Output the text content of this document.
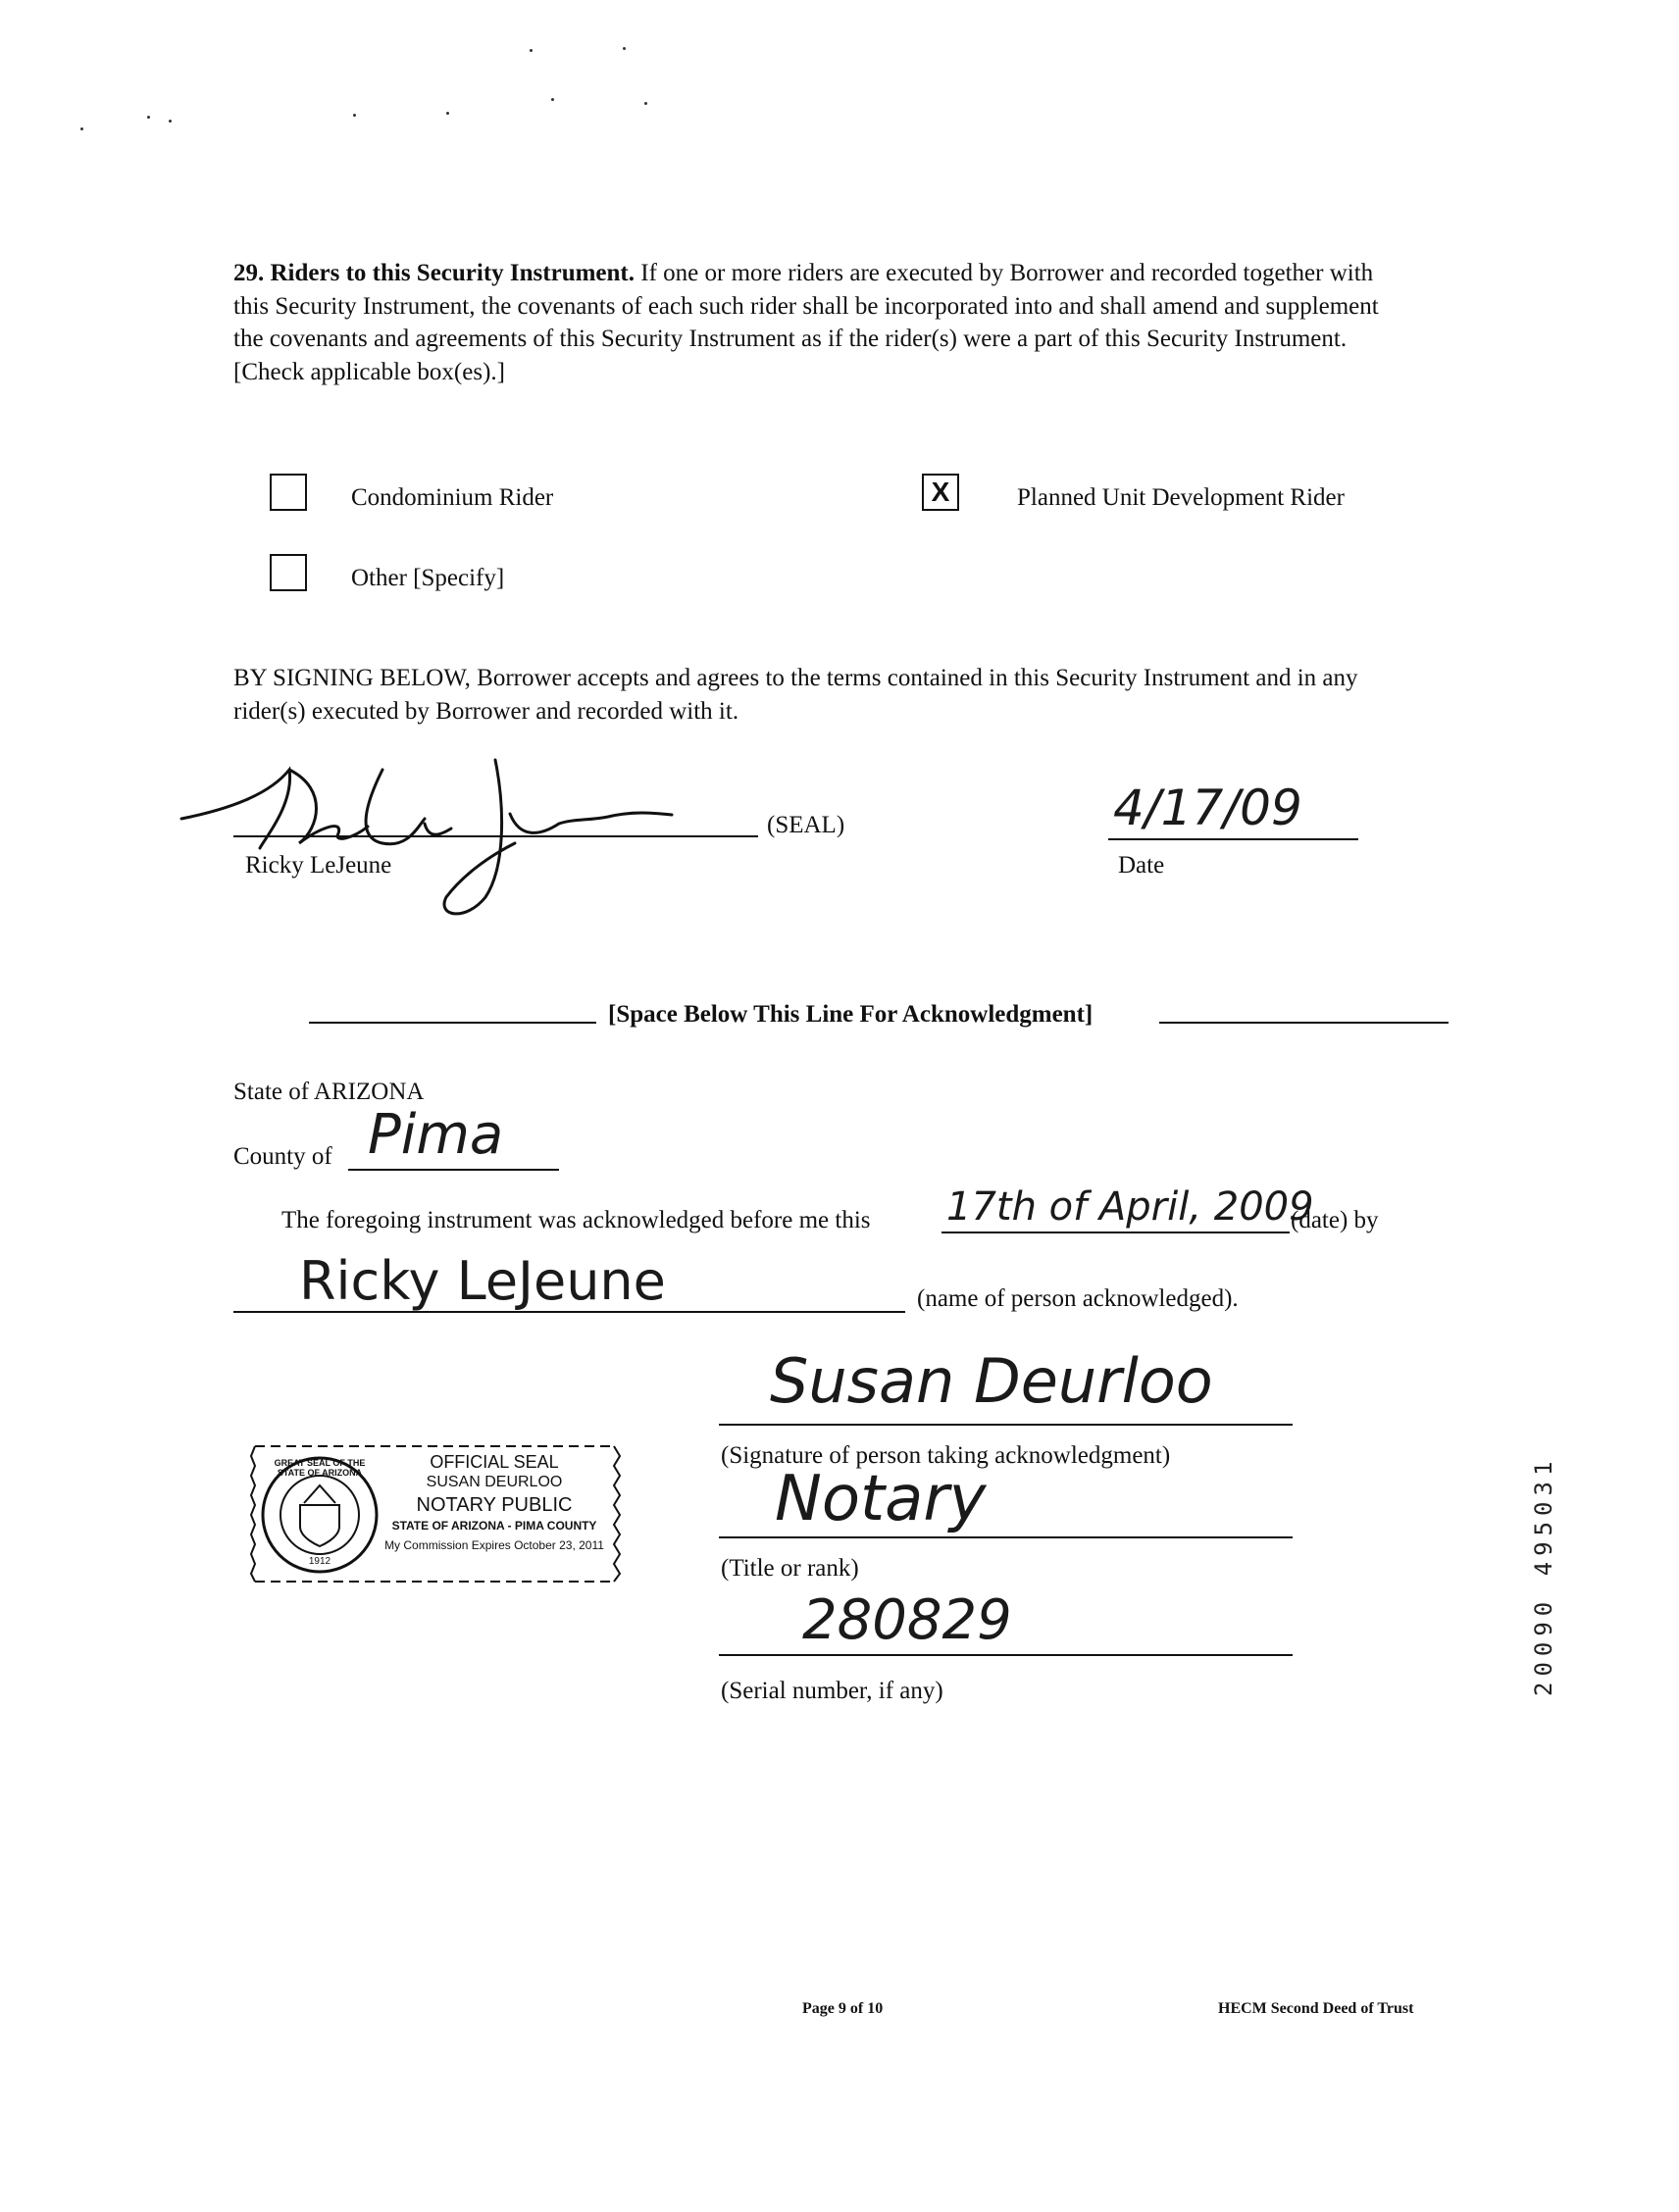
29. Riders to this Security Instrument. If one or more riders are executed by Borrower and recorded together with this Security Instrument, the covenants of each such rider shall be incorporated into and shall amend and supplement the covenants and agreements of this Security Instrument as if the rider(s) were a part of this Security Instrument. [Check applicable box(es).]
Condominium Rider	X	Planned Unit Development Rider
Other [Specify]
BY SIGNING BELOW, Borrower accepts and agrees to the terms contained in this Security Instrument and in any rider(s) executed by Borrower and recorded with it.
(SEAL)
Ricky LeJeune
4/17/09
Date
[Space Below This Line For Acknowledgment]
State of ARIZONA
County of Pima
The foregoing instrument was acknowledged before me this 17th of April, 2009
(date) by
Ricky LeJeune	(name of person acknowledged).
Susan Deurloo
(Signature of person taking acknowledgment)
Notary
(Title or rank)
280829
(Serial number, if any)
GREAT SEAL OF THE STATE OF ARIZONA
1912
OFFICIAL SEAL
SUSAN DEURLOO
NOTARY PUBLIC
STATE OF ARIZONA - PIMA COUNTY
My Commission Expires October 23, 2011
Page 9 of 10	HECM Second Deed of Trust
20090 495031
